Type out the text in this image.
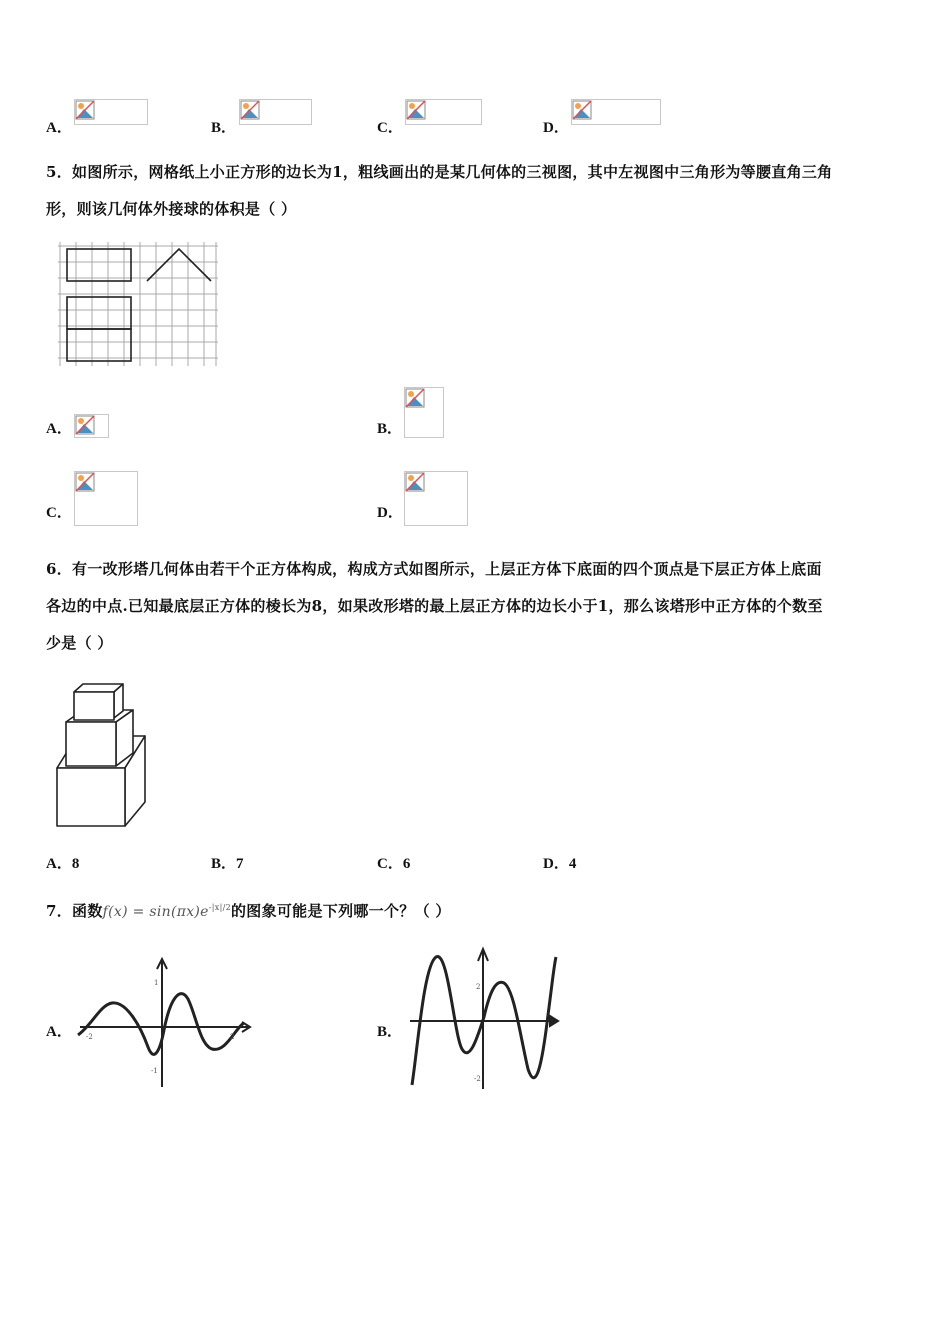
A．	B．	C．	D．
5．如图所示，网格纸上小正方形的边长为1，粗线画出的是某几何体的三视图，其中左视图中三角形为等腰直角三角
形，则该几何体外接球的体积是（ ）
A．	B．
C．	D．
6．有一改形塔几何体由若干个正方体构成，构成方式如图所示，上层正方体下底面的四个顶点是下层正方体上底面
各边的中点.已知最底层正方体的棱长为8，如果改形塔的最上层正方体的边长小于1，那么该塔形中正方体的个数至
少是（ ）
A．8	B．7	C．6	D．4
7．函数$f(x) = \sin(\pi x)e^{-|x|/2}$的图象可能是下列哪一个？（ ）
A．
1
-1
-2	2	B．
2
-2
